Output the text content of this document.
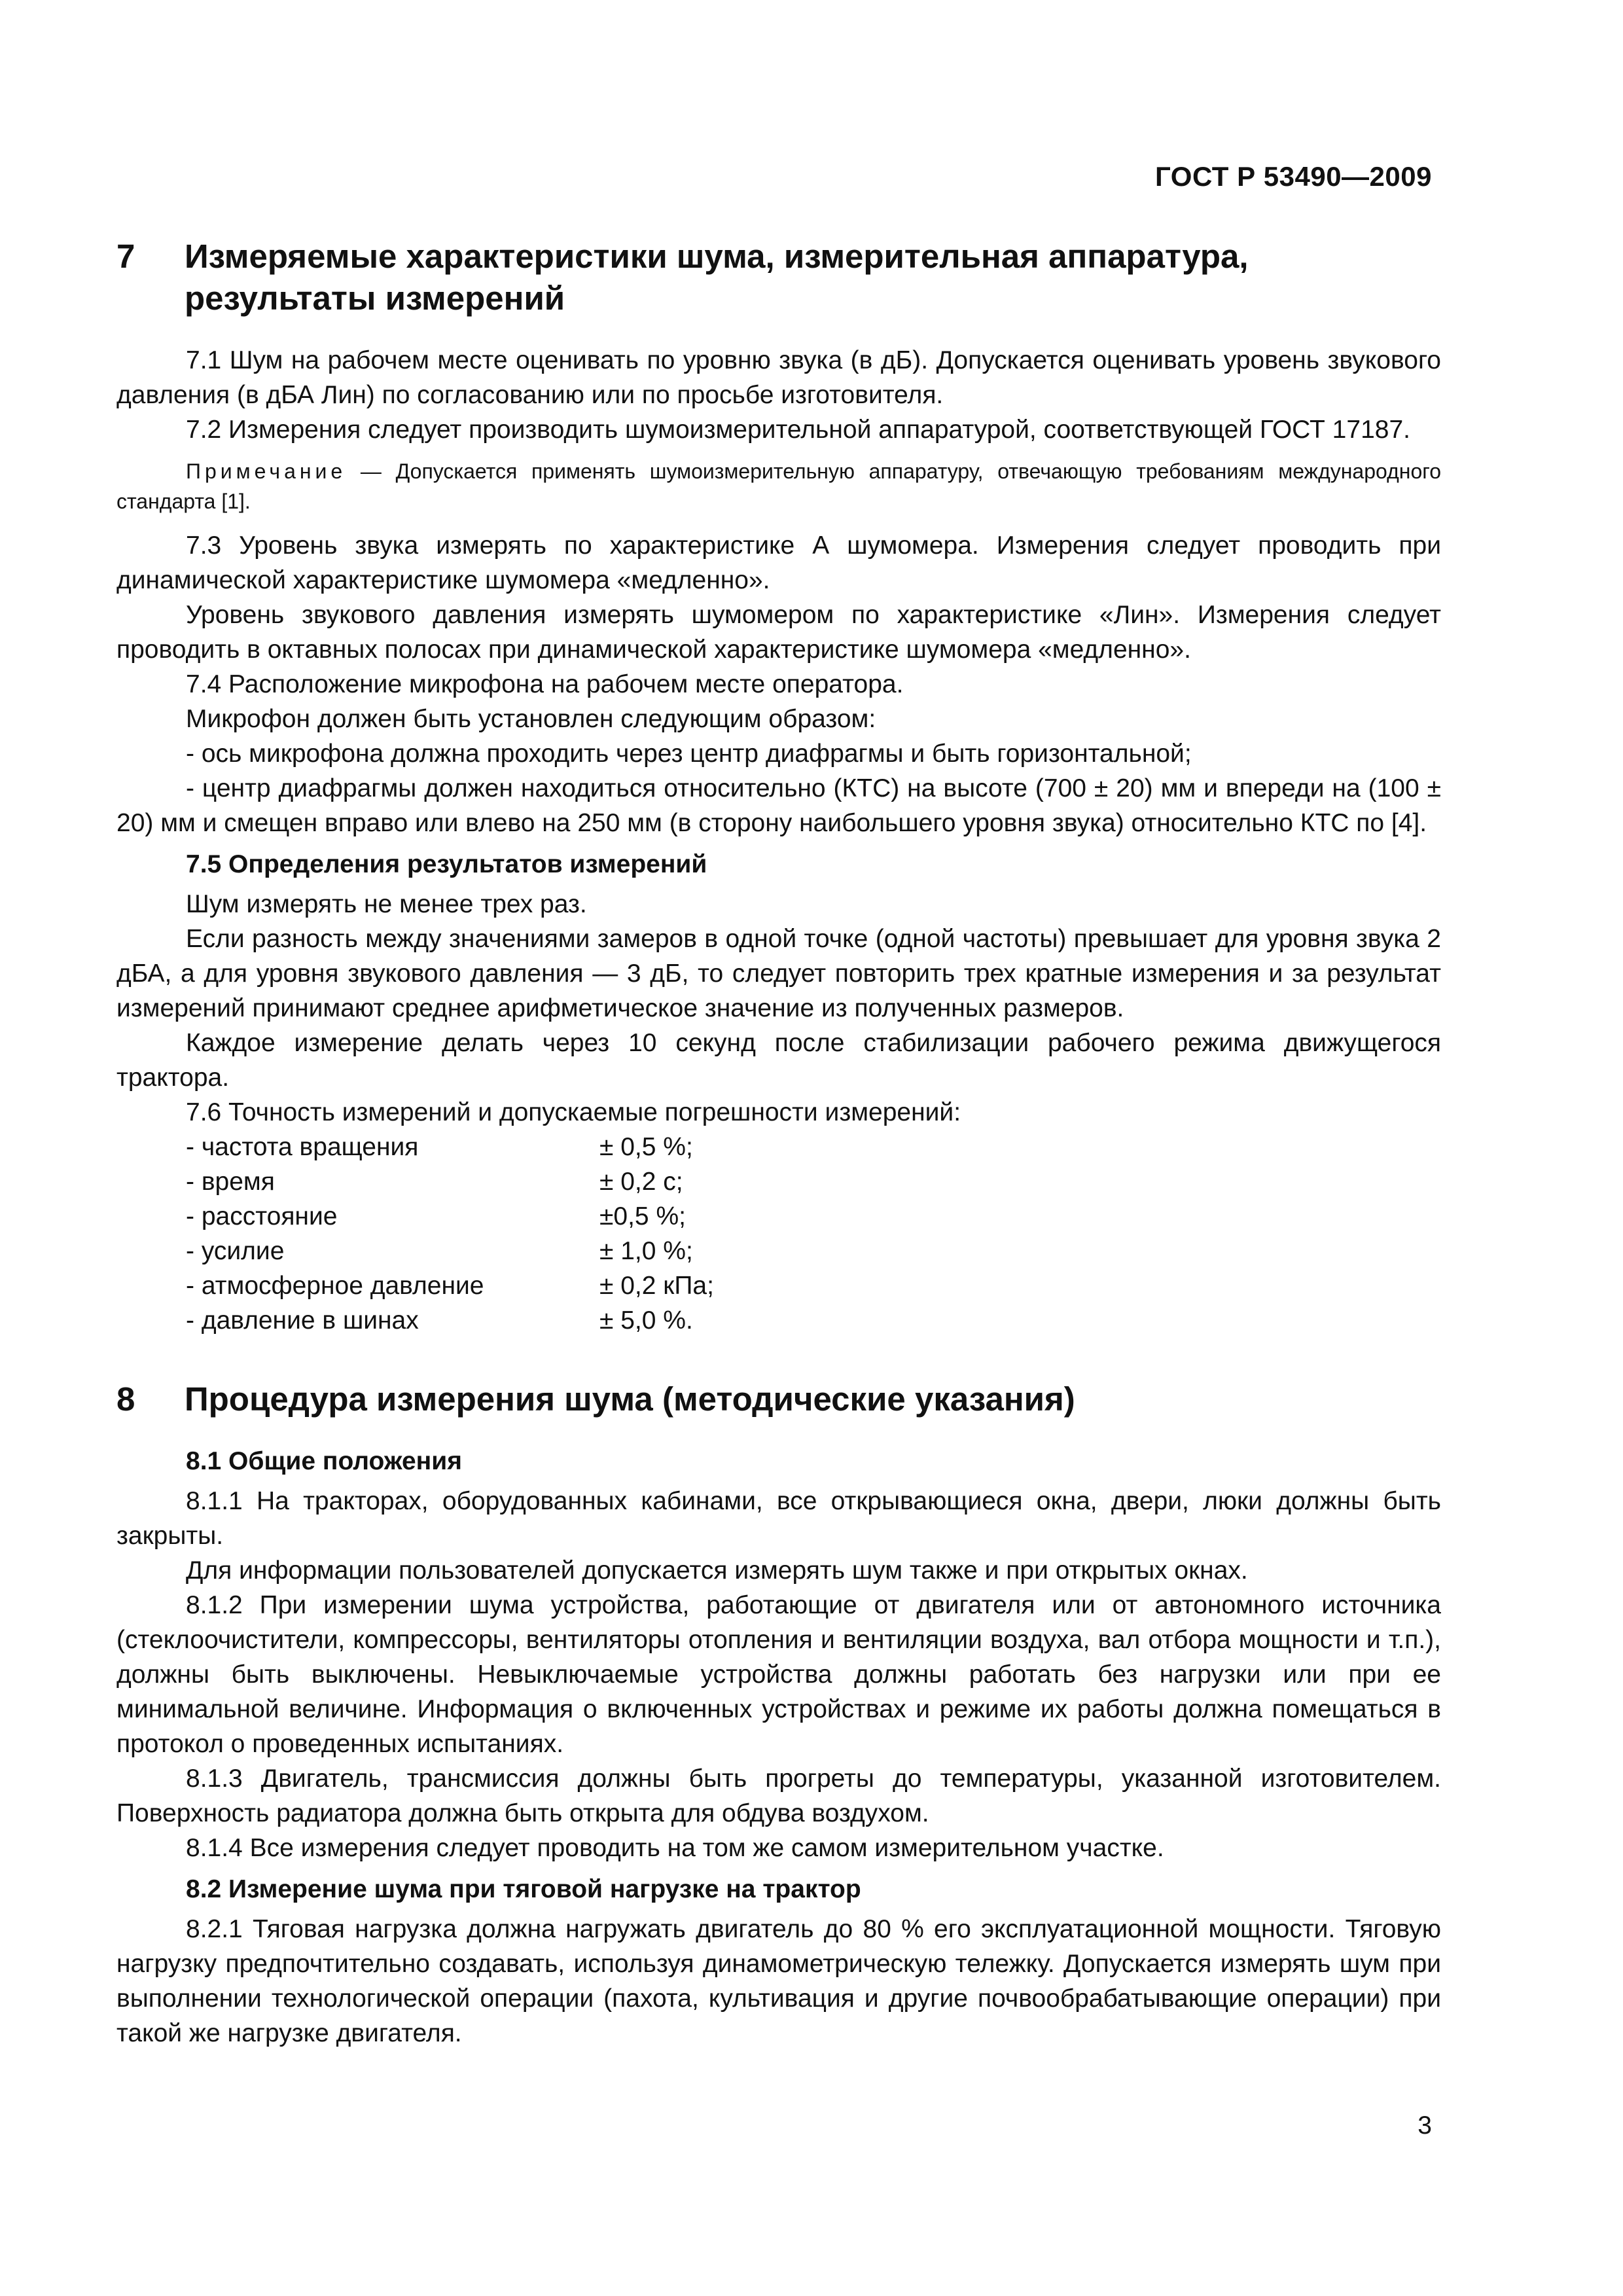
ГОСТ Р 53490—2009
7 Измеряемые характеристики шума, измерительная аппаратура, результаты измерений

7.1 Шум на рабочем месте оценивать по уровню звука (в дБ). Допускается оценивать уровень звукового давления (в дБА Лин) по согласованию или по просьбе изготовителя.

7.2 Измерения следует производить шумоизмерительной аппаратурой, соответствующей ГОСТ 17187.

Примечание — Допускается применять шумоизмерительную аппаратуру, отвечающую требованиям международного стандарта [1].

7.3 Уровень звука измерять по характеристике А шумомера. Измерения следует проводить при динамической характеристике шумомера «медленно».

Уровень звукового давления измерять шумомером по характеристике «Лин». Измерения следует проводить в октавных полосах при динамической характеристике шумомера «медленно».

7.4 Расположение микрофона на рабочем месте оператора.

Микрофон должен быть установлен следующим образом:

- ось микрофона должна проходить через центр диафрагмы и быть горизонтальной;

- центр диафрагмы должен находиться относительно (КТС) на высоте (700 ± 20) мм и впереди на (100 ± 20) мм и смещен вправо или влево на 250 мм (в сторону наибольшего уровня звука) относительно КТС по [4].

7.5 Определения результатов измерений

Шум измерять не менее трех раз.

Если разность между значениями замеров в одной точке (одной частоты) превышает для уровня звука 2 дБА, а для уровня звукового давления — 3 дБ, то следует повторить трех кратные измерения и за результат измерений принимают среднее арифметическое значение из полученных размеров.

Каждое измерение делать через 10 секунд после стабилизации рабочего режима движущегося трактора.

7.6 Точность измерений и допускаемые погрешности измерений:

- частота вращения	± 0,5 %;
- время	± 0,2 с;
- расстояние	±0,5 %;
- усилие	± 1,0 %;
- атмосферное давление	± 0,2 кПа;
- давление в шинах	± 5,0 %.
8 Процедура измерения шума (методические указания)
8.1 Общие положения

8.1.1 На тракторах, оборудованных кабинами, все открывающиеся окна, двери, люки должны быть закрыты.

Для информации пользователей допускается измерять шум также и при открытых окнах.

8.1.2 При измерении шума устройства, работающие от двигателя или от автономного источника (стеклоочистители, компрессоры, вентиляторы отопления и вентиляции воздуха, вал отбора мощности и т.п.), должны быть выключены. Невыключаемые устройства должны работать без нагрузки или при ее минимальной величине. Информация о включенных устройствах и режиме их работы должна помещаться в протокол о проведенных испытаниях.

8.1.3 Двигатель, трансмиссия должны быть прогреты до температуры, указанной изготовителем. Поверхность радиатора должна быть открыта для обдува воздухом.

8.1.4 Все измерения следует проводить на том же самом измерительном участке.

8.2 Измерение шума при тяговой нагрузке на трактор

8.2.1 Тяговая нагрузка должна нагружать двигатель до 80 % его эксплуатационной мощности. Тяговую нагрузку предпочтительно создавать, используя динамометрическую тележку. Допускается измерять шум при выполнении технологической операции (пахота, культивация и другие почвообрабатывающие операции) при такой же нагрузке двигателя.

3
